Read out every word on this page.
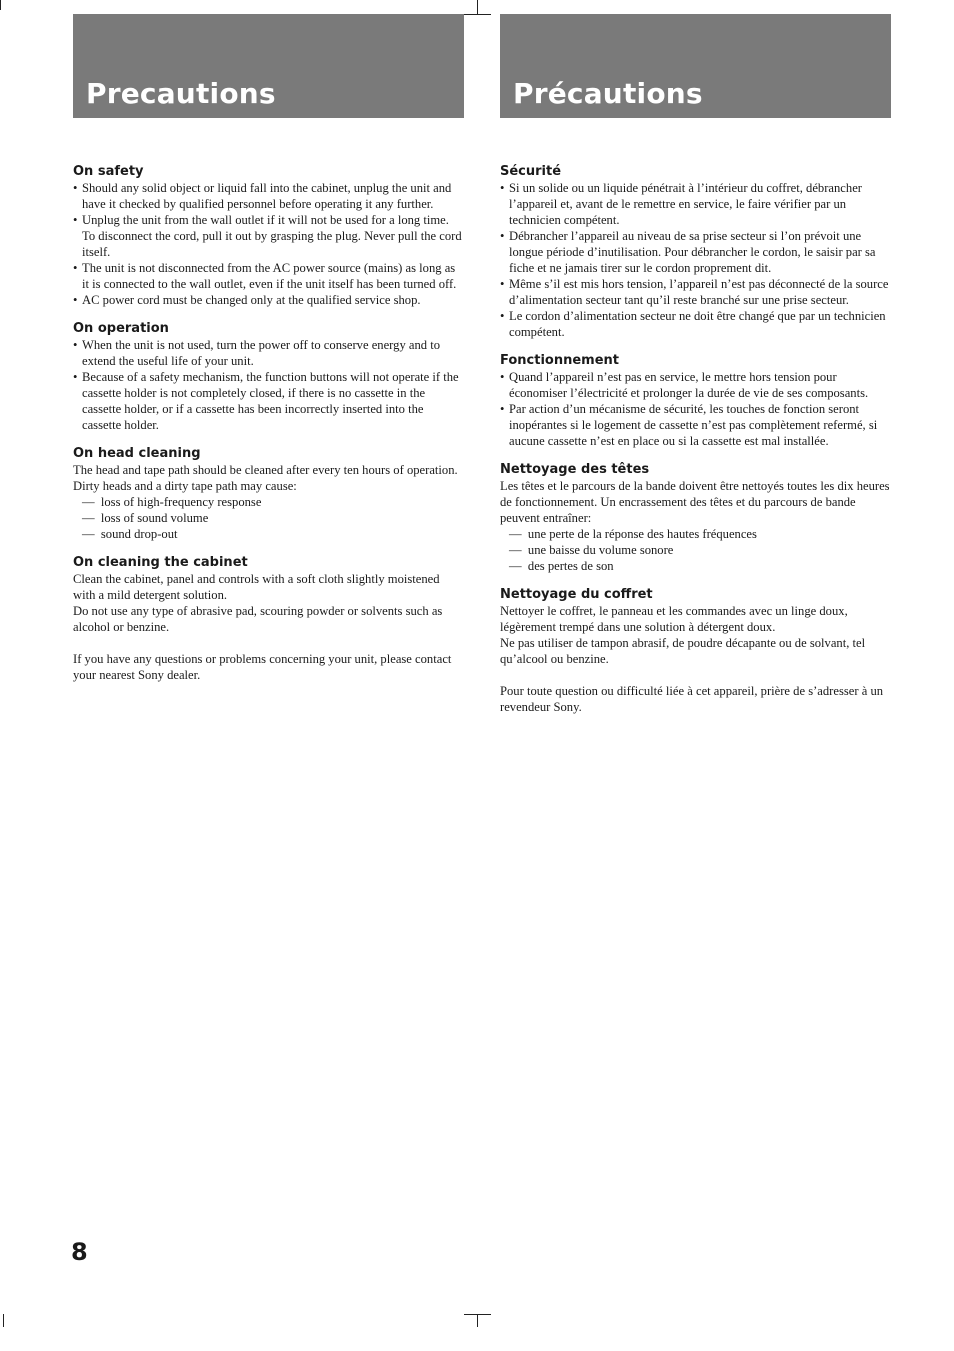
Precautions
On safety
• Should any solid object or liquid fall into the cabinet, unplug the unit and have it checked by qualified personnel before operating it any further.
• Unplug the unit from the wall outlet if it will not be used for a long time. To disconnect the cord, pull it out by grasping the plug. Never pull the cord itself.
• The unit is not disconnected from the AC power source (mains) as long as it is connected to the wall outlet, even if the unit itself has been turned off.
• AC power cord must be changed only at the qualified service shop.
On operation
• When the unit is not used, turn the power off to conserve energy and to extend the useful life of your unit.
• Because of a safety mechanism, the function buttons will not operate if the cassette holder is not completely closed, if there is no cassette in the cassette holder, or if a cassette has been incorrectly inserted into the cassette holder.
On head cleaning

The head and tape path should be cleaned after every ten hours of operation. Dirty heads and a dirty tape path may cause:

— loss of high-frequency response
— loss of sound volume
— sound drop-out
On cleaning the cabinet

Clean the cabinet, panel and controls with a soft cloth slightly moistened with a mild detergent solution.

Do not use any type of abrasive pad, scouring powder or solvents such as alcohol or benzine.

If you have any questions or problems concerning your unit, please contact your nearest Sony dealer.

Précautions
Sécurité
• Si un solide ou un liquide pénétrait à l’intérieur du coffret, débrancher l’appareil et, avant de le remettre en service, le faire vérifier par un technicien compétent.
• Débrancher l’appareil au niveau de sa prise secteur si l’on prévoit une longue période d’inutilisation. Pour débrancher le cordon, le saisir par sa fiche et ne jamais tirer sur le cordon proprement dit.
• Même s’il est mis hors tension, l’appareil n’est pas déconnecté de la source d’alimentation secteur tant qu’il reste branché sur une prise secteur.
• Le cordon d’alimentation secteur ne doit être changé que par un technicien compétent.
Fonctionnement
• Quand l’appareil n’est pas en service, le mettre hors tension pour économiser l’électricité et prolonger la durée de vie de ses composants.
• Par action d’un mécanisme de sécurité, les touches de fonction seront inopérantes si le logement de cassette n’est pas complètement refermé, si aucune cassette n’est en place ou si la cassette est mal installée.
Nettoyage des têtes

Les têtes et le parcours de la bande doivent être nettoyés toutes les dix heures de fonctionnement. Un encrassement des têtes et du parcours de bande peuvent entraîner:

— une perte de la réponse des hautes fréquences
— une baisse du volume sonore
— des pertes de son
Nettoyage du coffret

Nettoyer le coffret, le panneau et les commandes avec un linge doux, légèrement trempé dans une solution à détergent doux.

Ne pas utiliser de tampon abrasif, de poudre décapante ou de solvant, tel qu’alcool ou benzine.

Pour toute question ou difficulté liée à cet appareil, prière de s’adresser à un revendeur Sony.

8
